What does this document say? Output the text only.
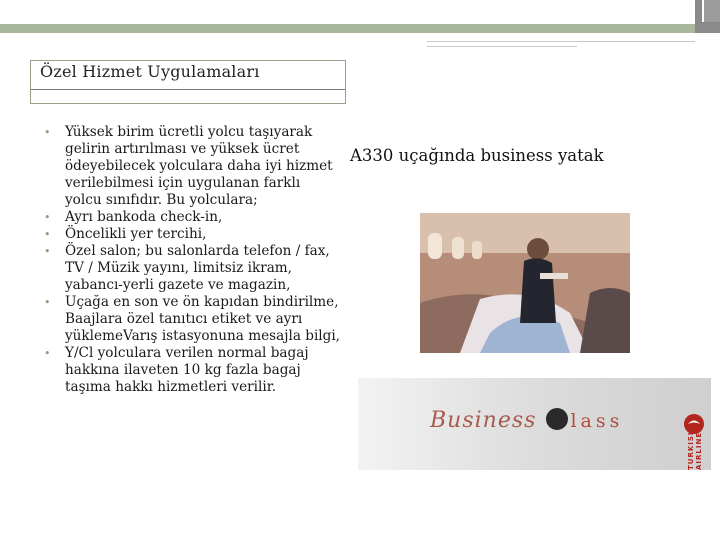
Özel Hizmet Uygulamaları
• Yüksek birim ücretli yolcu taşıyarak gelirin artırılması ve yüksek ücret ödeyebilecek yolculara daha iyi hizmet verilebilmesi için uygulanan farklı yolcu sınıfıdır. Bu yolculara;
• Ayrı bankoda check-in,
• Öncelikli yer tercihi,
• Özel salon; bu salonlarda telefon / fax, TV / Müzik yayını, limitsiz ikram, yabancı-yerli gazete ve magazin,
• Uçağa en son ve ön kapıdan bindirilme, Baajlara özel tanıtıcı etiket ve ayrı yüklemeVarış istasyonuna mesajla bilgi,
• Y/Cl yolculara verilen normal bagaj hakkına ilaveten 10 kg fazla bagaj taşıma hakkı hizmetleri verilir.
A330 uçağında business yatak
Business lass
TURKISH AIRLINES
